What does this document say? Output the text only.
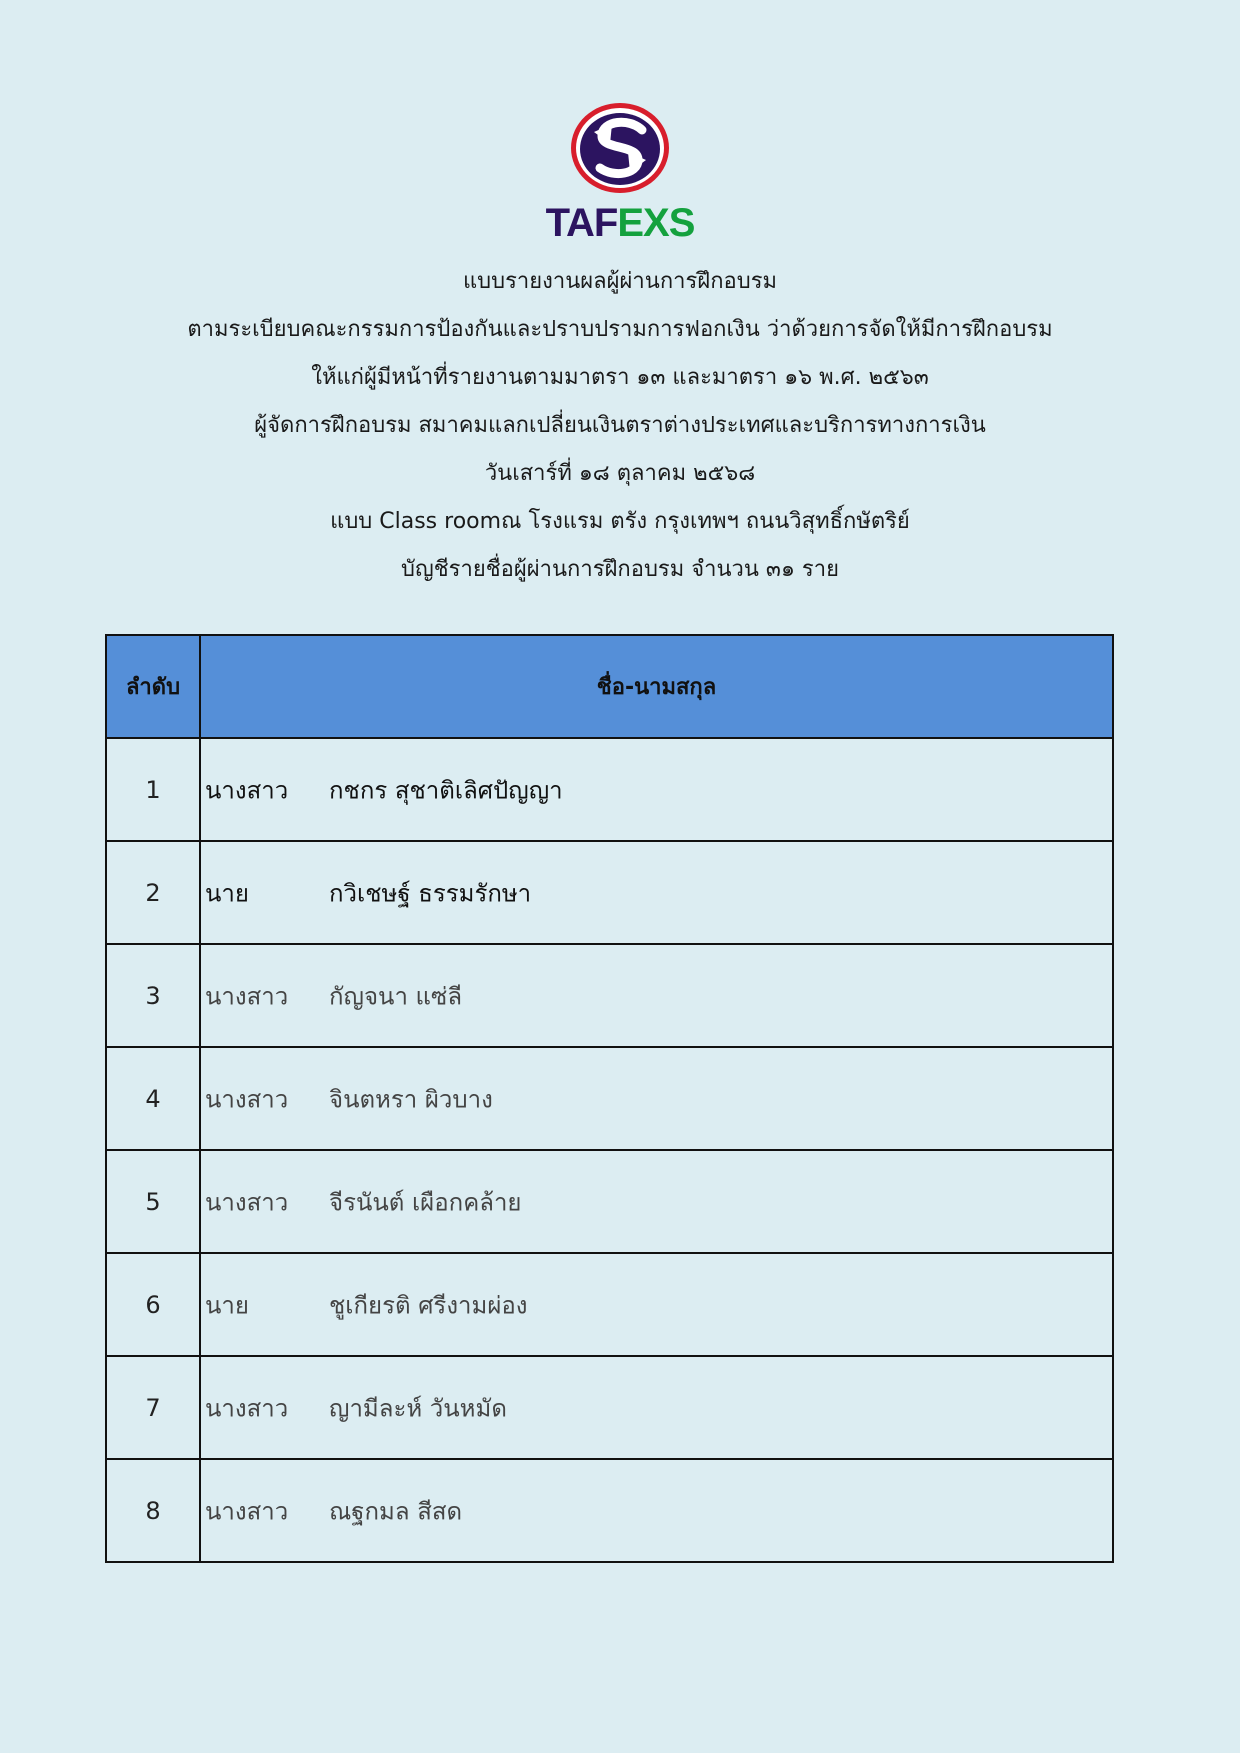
TAFEXS
แบบรายงานผลผู้ผ่านการฝึกอบรม
ตามระเบียบคณะกรรมการป้องกันและปราบปรามการฟอกเงิน ว่าด้วยการจัดให้มีการฝึกอบรม
ให้แก่ผู้มีหน้าที่รายงานตามมาตรา ๑๓ และมาตรา ๑๖ พ.ศ. ๒๕๖๓
ผู้จัดการฝึกอบรม สมาคมแลกเปลี่ยนเงินตราต่างประเทศและบริการทางการเงิน
วันเสาร์ที่ ๑๘ ตุลาคม ๒๕๖๘
แบบ Class roomณ โรงแรม ตรัง กรุงเทพฯ ถนนวิสุทธิ์กษัตริย์
บัญชีรายชื่อผู้ผ่านการฝึกอบรม จำนวน ๓๑ ราย
ลำดับ	ชื่อ-นามสกุล
1	นางสาว กชกร สุชาติเลิศปัญญา

2	นาย กวิเชษฐ์ ธรรมรักษา

3	นางสาว กัญจนา แซ่ลี

4	นางสาว จินตหรา ผิวบาง

5	นางสาว จีรนันต์ เผือกคล้าย

6	นาย ชูเกียรติ ศรีงามผ่อง

7	นางสาว ญามีละห์ วันหมัด

8	นางสาว ณฐกมล สีสด
